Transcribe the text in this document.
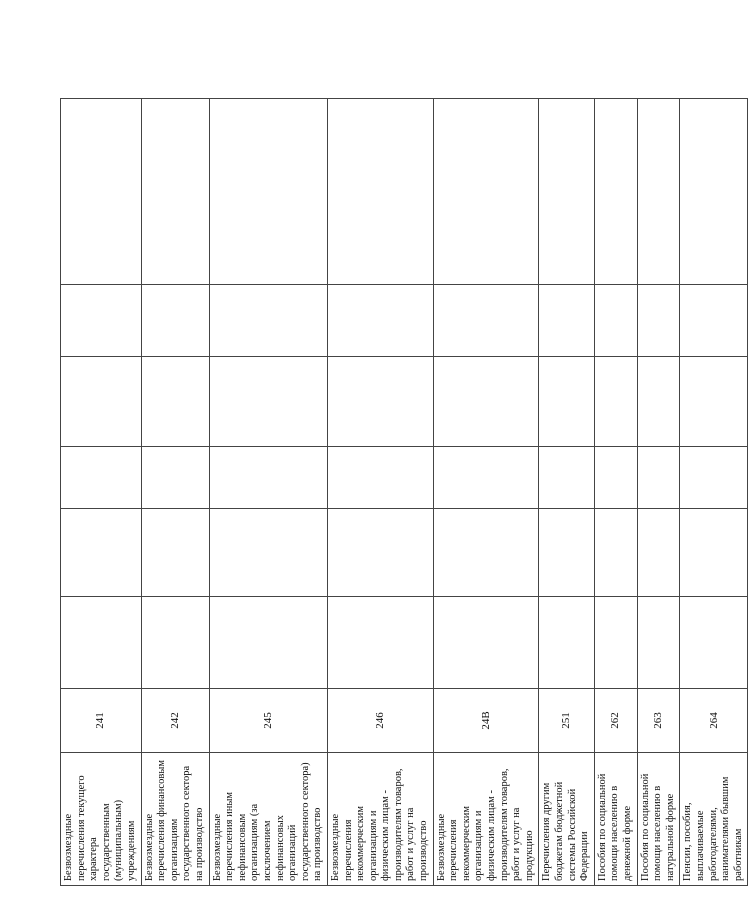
Безвозмездные перечисления текущего характера государственным (муниципальным) учреждениям	241						
Безвозмездные перечисления финансовым организациям государственного сектора на производство	242						
Безвозмездные перечисления иным нефинансовым организациям (за исключением нефинансовых организаций государственного сектора) на производство	245						
Безвозмездные перечисления некоммерческим организациям и физическим лицам - производителям товаров, работ и услуг на производство	246						
Безвозмездные перечисления некоммерческим организациям и физическим лицам - производителям товаров, работ и услуг на продукцию	24В						
Перечисления другим бюджетам бюджетной системы Российской Федерации	251						
Пособия по социальной помощи населению в денежной форме	262						
Пособия по социальной помощи населению в натуральной форме	263						
Пенсии, пособия, выплачиваемые работодателями, нанимателями бывшим работникам	264						
